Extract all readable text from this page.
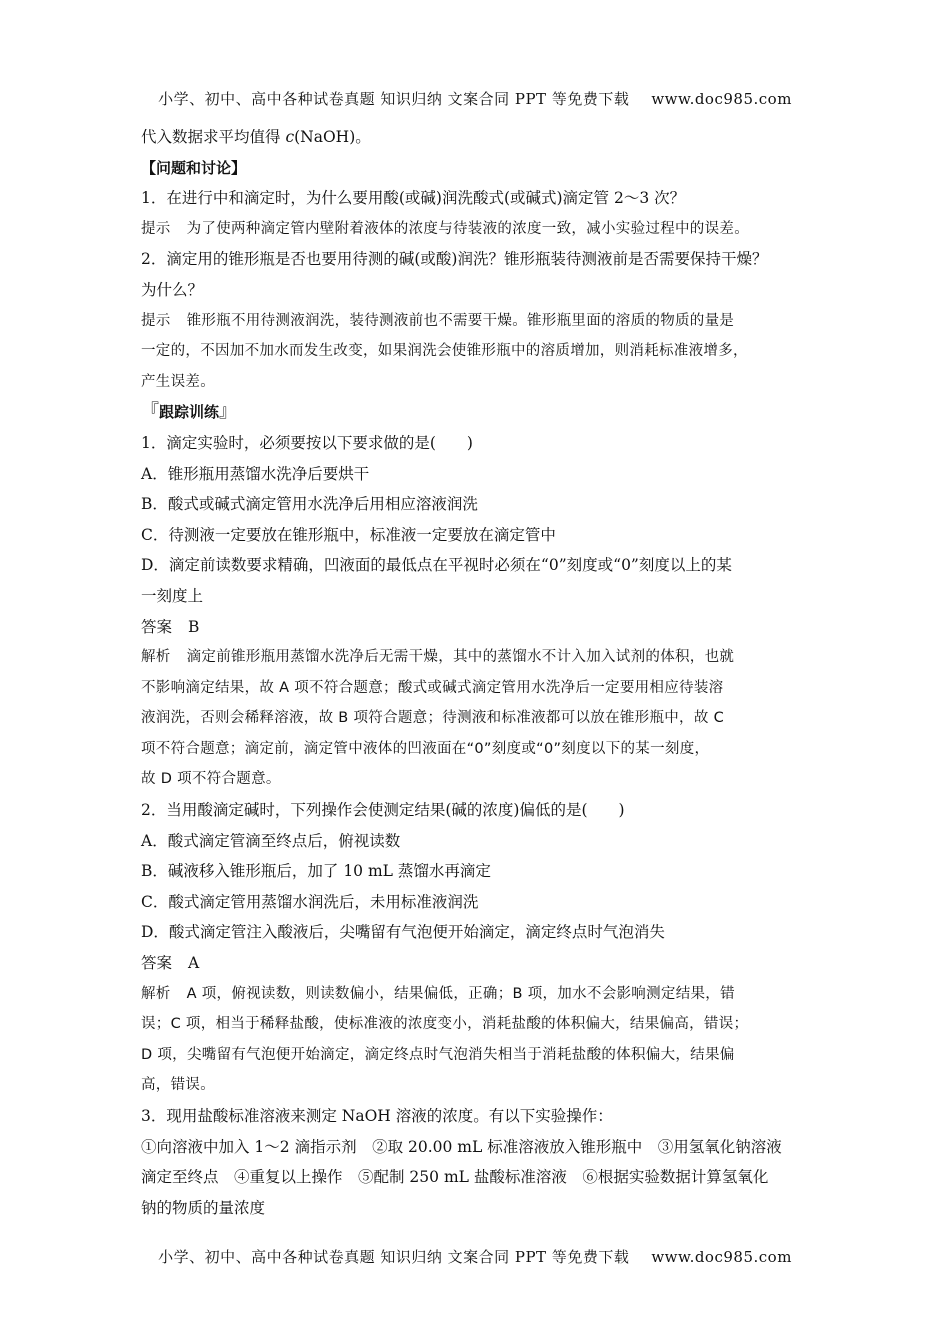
小学、初中、高中各种试卷真题 知识归纳 文案合同 PPT 等免费下载 www.doc985.com

代入数据求平均值得 c(NaOH)。

【问题和讨论】

1．在进行中和滴定时，为什么要用酸(或碱)润洗酸式(或碱式)滴定管 2～3 次？

提示 为了使两种滴定管内壁附着液体的浓度与待装液的浓度一致，减小实验过程中的误差。

2．滴定用的锥形瓶是否也要用待测的碱(或酸)润洗？锥形瓶装待测液前是否需要保持干燥？

为什么？

提示 锥形瓶不用待测液润洗，装待测液前也不需要干燥。锥形瓶里面的溶质的物质的量是

一定的，不因加不加水而发生改变，如果润洗会使锥形瓶中的溶质增加，则消耗标准液增多，

产生误差。

『跟踪训练』

1．滴定实验时，必须要按以下要求做的是(　　)

A．锥形瓶用蒸馏水洗净后要烘干

B．酸式或碱式滴定管用水洗净后用相应溶液润洗

C．待测液一定要放在锥形瓶中，标准液一定要放在滴定管中

D．滴定前读数要求精确，凹液面的最低点在平视时必须在“0”刻度或“0”刻度以上的某

一刻度上

答案 B

解析 滴定前锥形瓶用蒸馏水洗净后无需干燥，其中的蒸馏水不计入加入试剂的体积，也就

不影响滴定结果，故 A 项不符合题意；酸式或碱式滴定管用水洗净后一定要用相应待装溶

液润洗，否则会稀释溶液，故 B 项符合题意；待测液和标准液都可以放在锥形瓶中，故 C

项不符合题意；滴定前，滴定管中液体的凹液面在“0”刻度或“0”刻度以下的某一刻度，

故 D 项不符合题意。

2．当用酸滴定碱时，下列操作会使测定结果(碱的浓度)偏低的是(　　)

A．酸式滴定管滴至终点后，俯视读数

B．碱液移入锥形瓶后，加了 10 mL 蒸馏水再滴定

C．酸式滴定管用蒸馏水润洗后，未用标准液润洗

D．酸式滴定管注入酸液后，尖嘴留有气泡便开始滴定，滴定终点时气泡消失

答案 A

解析 A 项，俯视读数，则读数偏小，结果偏低，正确；B 项，加水不会影响测定结果，错

误；C 项，相当于稀释盐酸，使标准液的浓度变小，消耗盐酸的体积偏大，结果偏高，错误；

D 项，尖嘴留有气泡便开始滴定，滴定终点时气泡消失相当于消耗盐酸的体积偏大，结果偏

高，错误。

3．现用盐酸标准溶液来测定 NaOH 溶液的浓度。有以下实验操作：

①向溶液中加入 1～2 滴指示剂　②取 20.00 mL 标准溶液放入锥形瓶中　③用氢氧化钠溶液

滴定至终点　④重复以上操作　⑤配制 250 mL 盐酸标准溶液　⑥根据实验数据计算氢氧化

钠的物质的量浓度

小学、初中、高中各种试卷真题 知识归纳 文案合同 PPT 等免费下载 www.doc985.com
